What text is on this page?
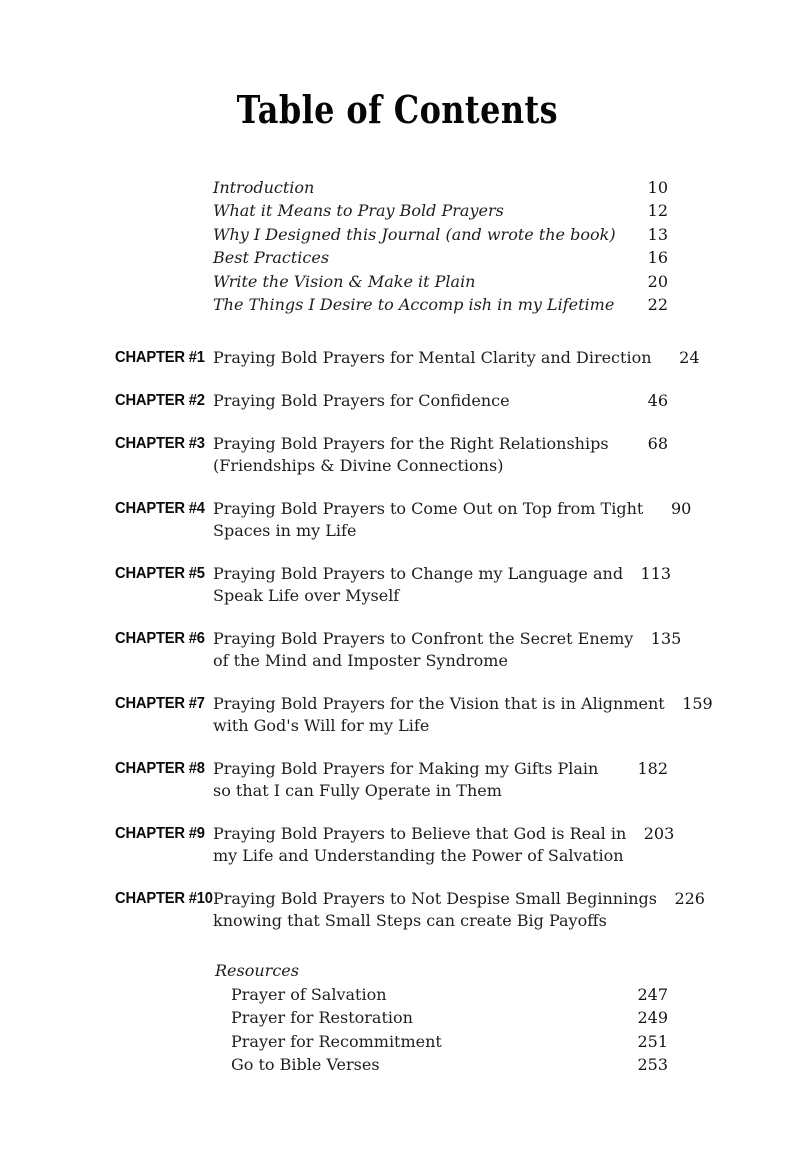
Table of Contents
Introduction	10
What it Means to Pray Bold Prayers	12
Why I Designed this Journal (and wrote the book) 13
Best Practices	16
Write the Vision & Make it Plain	20
The Things I Desire to Accomp ish in my Lifetime 22
CHAPTER #1 Praying Bold Prayers for Mental Clarity and Direction	24
CHAPTER #2 Praying Bold Prayers for Confidence	46
CHAPTER #3 Praying Bold Prayers for the Right Relationships
(Friendships & Divine Connections)
68
CHAPTER #4 Praying Bold Prayers to Come Out on Top from Tight
Spaces in my Life
90
CHAPTER #5 Praying Bold Prayers to Change my Language and
Speak Life over Myself
113
CHAPTER #6 Praying Bold Prayers to Confront the Secret Enemy
of the Mind and Imposter Syndrome
135
CHAPTER #7 Praying Bold Prayers for the Vision that is in Alignment
with God's Will for my Life
159
CHAPTER #8 Praying Bold Prayers for Making my Gifts Plain
so that I can Fully Operate in Them
182
CHAPTER #9 Praying Bold Prayers to Believe that God is Real in
my Life and Understanding the Power of Salvation
203
CHAPTER #10 Praying Bold Prayers to Not Despise Small Beginnings
knowing that Small Steps can create Big Payoffs
226
Resources
Prayer of Salvation	247
Prayer for Restoration	249
Prayer for Recommitment	251
Go to Bible Verses	253
